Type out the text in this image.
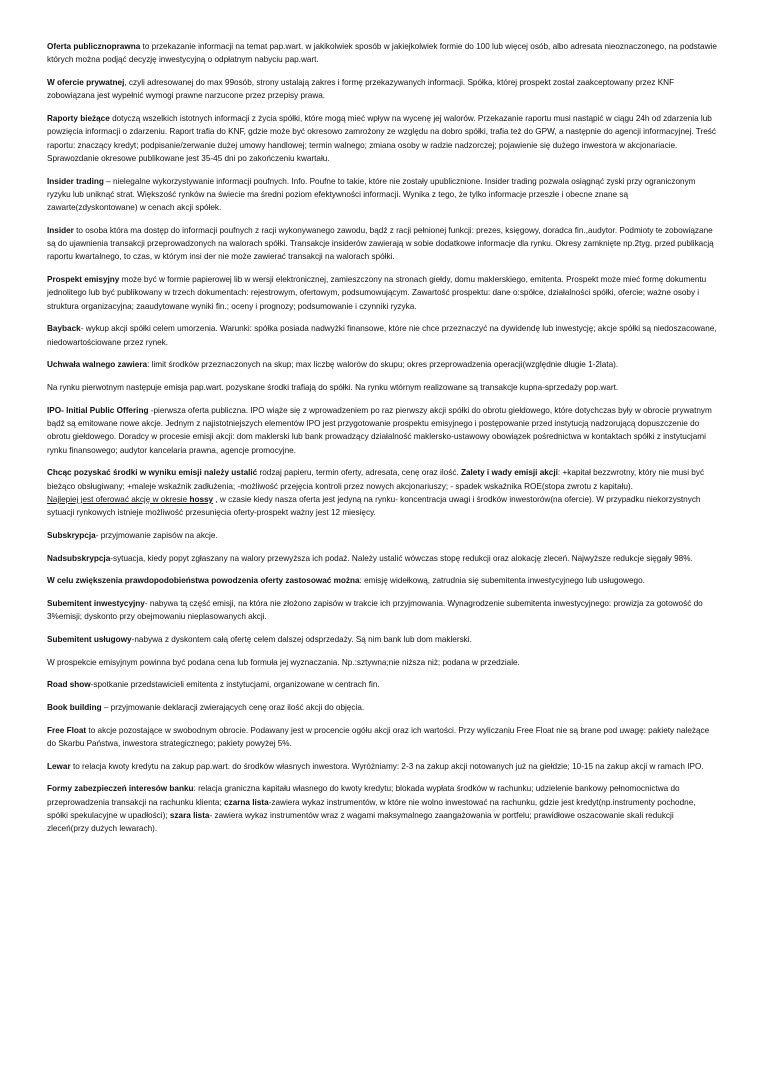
Oferta publicznoprawna to przekazanie informacji na temat pap.wart. w jakikolwiek sposób w jakiejkolwiek formie do 100 lub więcej osób, albo adresata nieoznaczonego, na podstawie których można podjąć decyzję inwestycyjną o odpłatnym nabyciu pap.wart.

W ofercie prywatnej, czyli adresowanej do max 99osób, strony ustalają zakres i formę przekazywanych informacji. Spółka, której prospekt został zaakceptowany przez KNF zobowiązana jest wypełnić wymogi prawne narzucone przez przepisy prawa.

Raporty bieżące dotyczą wszelkich istotnych informacji z życia spółki, które mogą mieć wpływ na wycenę jej walorów. Przekazanie raportu musi nastąpić w ciągu 24h od zdarzenia lub powzięcia informacji o zdarzeniu. Raport trafia do KNF, gdzie może być okresowo zamrożony ze względu na dobro spółki, trafia też do GPW, a następnie do agencji informacyjnej. Treść raportu: znaczący kredyt; podpisanie/zerwanie dużej umowy handlowej; termin walnego; zmiana osoby w radzie nadzorczej; pojawienie się dużego inwestora w akcjonariacie. Sprawozdanie okresowe publikowane jest 35-45 dni po zakończeniu kwartału.

Insider trading – nielegalne wykorzystywanie informacji poufnych. Info. Poufne to takie, które nie zostały upublicznione. Insider trading pozwala osiągnąć zyski przy ograniczonym ryzyku lub uniknąć strat. Większość rynków na świecie ma średni poziom efektywności informacji. Wynika z tego, że tylko informacje przeszłe i obecne znane są zawarte(zdyskontowane) w cenach akcji spółek.

Insider to osoba która ma dostęp do informacji poufnych z racji wykonywanego zawodu, bądź z racji pełnionej funkcji: prezes, księgowy, doradca fin.,audytor. Podmioty te zobowiązane są do ujawnienia transakcji przeprowadzonych na walorach spółki. Transakcje insiderów zawierają w sobie dodatkowe informacje dla rynku. Okresy zamknięte np.2tyg. przed publikacją raportu kwartalnego, to czas, w którym insi der nie może zawierać transakcji na walorach spółki.

Prospekt emisyjny może być w formie papierowej lib w wersji elektronicznej, zamieszczony na stronach giełdy, domu maklerskiego, emitenta. Prospekt może mieć formę dokumentu jednolitego lub być publikowany w trzech dokumentach: rejestrowym, ofertowym, podsumowującym. Zawartość prospektu: dane o:spółce, działalności spółki, ofercie; ważne osoby i struktura organizacyjna; zaaudytowane wyniki fin.; oceny i prognozy; podsumowanie i czynniki ryzyka.

Bayback- wykup akcji spółki celem umorzenia. Warunki: spółka posiada nadwyżki finansowe, które nie chce przeznaczyć na dywidendę lub inwestycję; akcje spółki są niedoszacowane, niedowartościowane przez rynek.

Uchwała walnego zawiera: limit środków przeznaczonych na skup; max liczbę walorów do skupu; okres przeprowadzenia operacji(względnie długie 1-2lata).

Na rynku pierwotnym następuje emisja pap.wart. pozyskane środki trafiają do spółki. Na rynku wtórnym realizowane są transakcje kupna-sprzedaży pop.wart.

IPO- Initial Public Offering -pierwsza oferta publiczna. IPO wiąże się z wprowadzeniem po raz pierwszy akcji spółki do obrotu giełdowego, które dotychczas były w obrocie prywatnym bądź są emitowane nowe akcje. Jednym z najistotniejszych elementów IPO jest przygotowanie prospektu emisyjnego i postępowanie przed instytucją nadzorującą dopuszczenie do obrotu giełdowego. Doradcy w procesie emisji akcji: dom maklerski lub bank prowadzący działalność maklersko-ustawowy obowiązek pośrednictwa w kontaktach spółki z instytucjami rynku finansowego; audytor kancelaria prawna, agencje promocyjne.

Chcąc pozyskać środki w wyniku emisji należy ustalić rodzaj papieru, termin oferty, adresata, cenę oraz ilość. Zalety i wady emisji akcji: +kapitał bezzwrotny, który nie musi być bieżąco obsługiwany; +maleje wskaźnik zadłużenia; -możliwość przejęcia kontroli przez nowych akcjonariuszy; - spadek wskaźnika ROE(stopa zwrotu z kapitału).
Najlepiej jest oferować akcję w okresie hossy , w czasie kiedy nasza oferta jest jedyną na rynku- koncentracja uwagi i środków inwestorów(na ofercie). W przypadku niekorzystnych sytuacji rynkowych istnieje możliwość przesunięcia oferty-prospekt ważny jest 12 miesięcy.

Subskrypcja- przyjmowanie zapisów na akcje.

Nadsubskrypcja-sytuacja, kiedy popyt zgłaszany na walory przewyższa ich podaż. Należy ustalić wówczas stopę redukcji oraz alokację zleceń. Najwyższe redukcje sięgały 98%.

W celu zwiększenia prawdopodobieństwa powodzenia oferty zastosować można: emisję widełkową, zatrudnia się subemitenta inwestycyjnego lub usługowego.

Subemitent inwestycyjny- nabywa tą część emisji, na która nie złożono zapisów w trakcie ich przyjmowania. Wynagrodzenie subemitenta inwestycyjnego: prowizja za gotowość do 3%emisji; dyskonto przy obejmowaniu nieplasowanych akcji.

Subemitent usługowy-nabywa z dyskontem całą ofertę celem dalszej odsprzedaży. Są nim bank lub dom maklerski.

W prospekcie emisyjnym powinna być podana cena lub formuła jej wyznaczania. Np.:sztywna;nie niższa niż; podana w przedziale.

Road show-spotkanie przedstawicieli emitenta z instytucjami, organizowane w centrach fin.

Book building – przyjmowanie deklaracji zwierających cenę oraz ilość akcji do objęcia.

Free Float to akcje pozostające w swobodnym obrocie. Podawany jest w procencie ogółu akcji oraz ich wartości. Przy wyliczaniu Free Float nie są brane pod uwagę: pakiety należące do Skarbu Państwa, inwestora strategicznego; pakiety powyżej 5%.

Lewar to relacja kwoty kredytu na zakup pap.wart. do środków własnych inwestora. Wyróżniamy: 2-3 na zakup akcji notowanych już na giełdzie; 10-15 na zakup akcji w ramach IPO.

Formy zabezpieczeń interesów banku: relacja graniczna kapitału własnego do kwoty kredytu; blokada wypłata środków w rachunku; udzielenie bankowy pełnomocnictwa do przeprowadzenia transakcji na rachunku klienta; czarna lista-zawiera wykaz instrumentów, w które nie wolno inwestować na rachunku, gdzie jest kredyt(np.instrumenty pochodne, spółki spekulacyjne w upadłości); szara lista- zawiera wykaz instrumentów wraz z wagami maksymalnego zaangażowania w portfelu; prawidłowe oszacowanie skali redukcji zleceń(przy dużych lewarach).
